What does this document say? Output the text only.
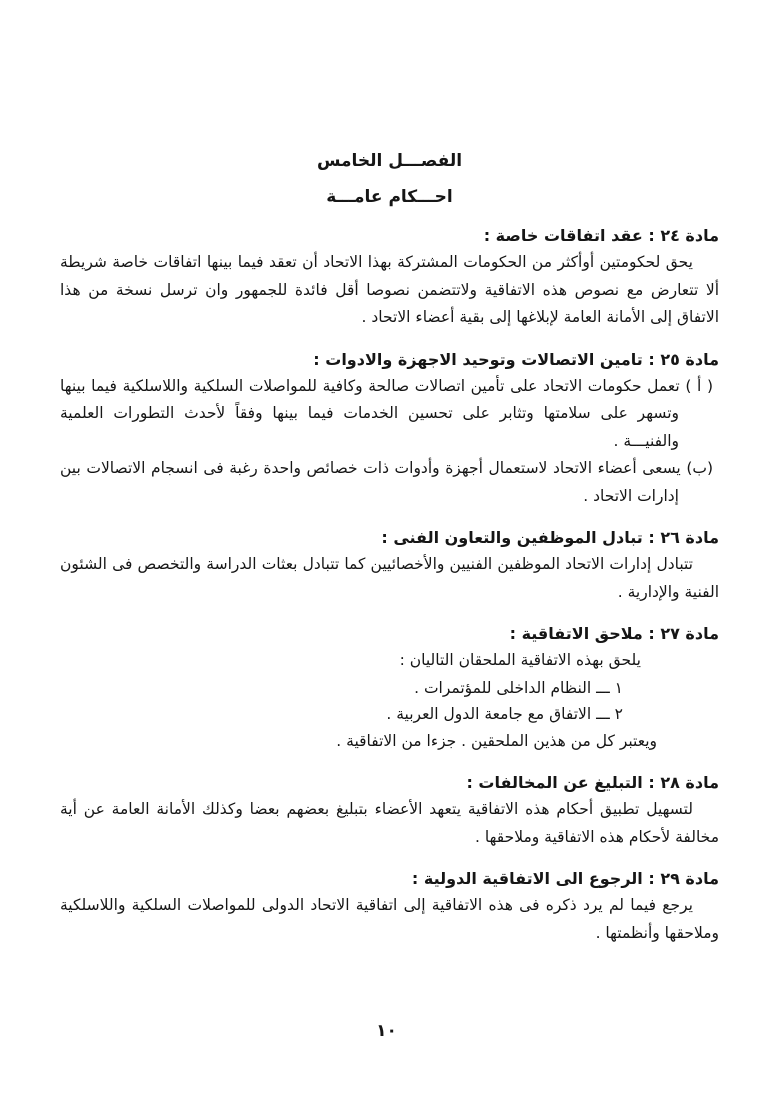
الفصـــل الخامس
احـــكام عامـــة
مادة ٢٤ : عقد اتفاقات خاصة :

يحق لحكومتين أوأكثر من الحكومات المشتركة بهذا الاتحاد أن تعقد فيما بينها اتفاقات خاصة شريطة ألا تتعارض مع نصوص هذه الاتفاقية ولاتتضمن نصوصا أقل فائدة للجمهور وان ترسل نسخة من هذا الاتفاق إلى الأمانة العامة لإبلاغها إلى بقية أعضاء الاتحاد .

مادة ٢٥ : تامين الاتصالات وتوحيد الاجهزة والادوات :

( أ ) تعمل حكومات الاتحاد على تأمين اتصالات صالحة وكافية للمواصلات السلكية واللاسلكية فيما بينها وتسهر على سلامتها وتثابر على تحسين الخدمات فيما بينها وفقاً لأحدث التطورات العلمية والفنيـــة .

(ب) يسعى أعضاء الاتحاد لاستعمال أجهزة وأدوات ذات خصائص واحدة رغبة فى انسجام الاتصالات بين إدارات الاتحاد .

مادة ٢٦ : تبادل الموظفين والتعاون الفنى :

تتبادل إدارات الاتحاد الموظفين الفنيين والأخصائيين كما تتبادل بعثات الدراسة والتخصص فى الشئون الفنية والإدارية .

مادة ٢٧ : ملاحق الاتفاقية :

يلحق بهذه الاتفاقية الملحقان التاليان :

١ ـــ النظام الداخلى للمؤتمرات .

٢ ـــ الاتفاق مع جامعة الدول العربية .

ويعتبر كل من هذين الملحقين . جزءا من الاتفاقية .

مادة ٢٨ : التبليغ عن المخالفات :

لتسهيل تطبيق أحكام هذه الاتفاقية يتعهد الأعضاء بتبليغ بعضهم بعضا وكذلك الأمانة العامة عن أية مخالفة لأحكام هذه الاتفاقية وملاحقها .

مادة ٢٩ : الرجوع الى الاتفاقية الدولية :

يرجع فيما لم يرد ذكره فى هذه الاتفاقية إلى اتفاقية الاتحاد الدولى للمواصلات السلكية واللاسلكية وملاحقها وأنظمتها .

١٠
